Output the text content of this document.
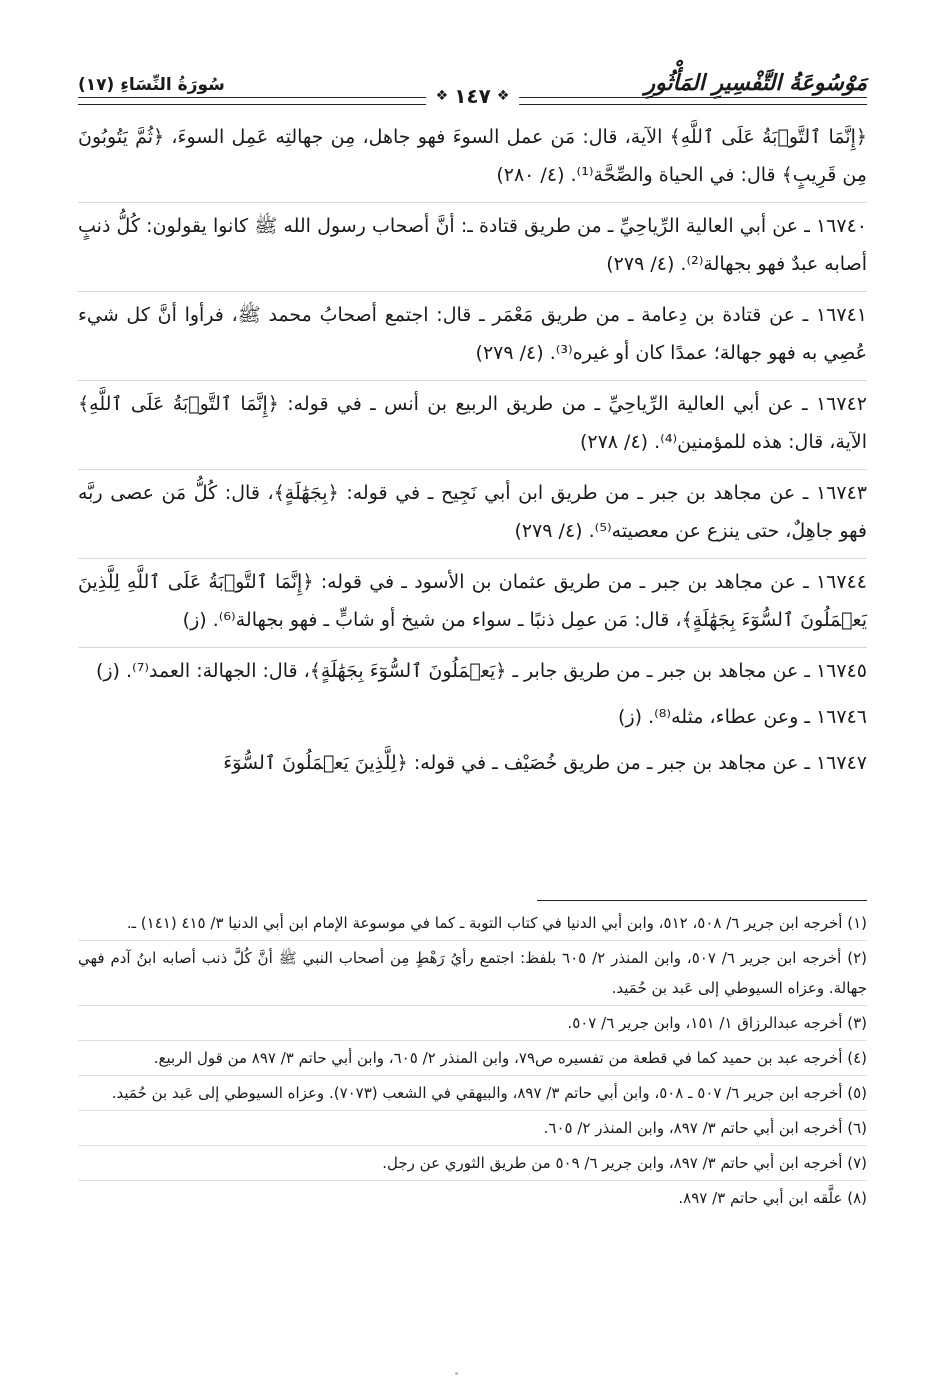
مَوْسُوعَةُ التَّفْسِيرِ المَأْثُورِ
سُورَةُ النِّسَاءِ (١٧)
❖
١٤٧
❖

﴿إِنَّمَا ٱلتَّوۡبَةُ عَلَى ٱللَّهِ﴾ الآية، قال: مَن عمل السوءَ فهو جاهل، مِن جهالتِه عَمِل السوءَ، ﴿ثُمَّ يَتُوبُونَ مِن قَرِيبٍ﴾ قال: في الحياة والصِّحَّة⁽¹⁾. (٤/ ٢٨٠)

١٦٧٤٠ ـ عن أبي العالية الرِّياحِيِّ ـ من طريق قتادة ـ: أنَّ أصحاب رسول الله ﷺ كانوا يقولون: كُلُّ ذنبٍ أصابه عبدٌ فهو بجهالة⁽²⁾. (٤/ ٢٧٩)

١٦٧٤١ ـ عن قتادة بن دِعامة ـ من طريق مَعْمَر ـ قال: اجتمع أصحابُ محمد ﷺ، فرأوا أنَّ كل شيء عُصِي به فهو جهالة؛ عمدًا كان أو غيره⁽³⁾. (٤/ ٢٧٩)

١٦٧٤٢ ـ عن أبي العالية الرِّياحِيِّ ـ من طريق الربيع بن أنس ـ في قوله: ﴿إِنَّمَا ٱلتَّوۡبَةُ عَلَى ٱللَّهِ﴾ الآية، قال: هذه للمؤمنين⁽⁴⁾. (٤/ ٢٧٨)

١٦٧٤٣ ـ عن مجاهد بن جبر ـ من طريق ابن أبي نَجِيح ـ في قوله: ﴿بِجَهَٰلَةٍ﴾، قال: كُلُّ مَن عصى ربَّه فهو جاهِلٌ، حتى ينزع عن معصيته⁽⁵⁾. (٤/ ٢٧٩)

١٦٧٤٤ ـ عن مجاهد بن جبر ـ من طريق عثمان بن الأسود ـ في قوله: ﴿إِنَّمَا ٱلتَّوۡبَةُ عَلَى ٱللَّهِ لِلَّذِينَ يَعۡمَلُونَ ٱلسُّوٓءَ بِجَهَٰلَةٍ﴾، قال: مَن عمِل ذنبًا ـ سواء من شيخ أو شابٍّ ـ فهو بجهالة⁽⁶⁾. (ز)

١٦٧٤٥ ـ عن مجاهد بن جبر ـ من طريق جابر ـ ﴿يَعۡمَلُونَ ٱلسُّوٓءَ بِجَهَٰلَةٍ﴾، قال: الجهالة: العمد⁽⁷⁾. (ز)

١٦٧٤٦ ـ وعن عطاء، مثله⁽⁸⁾. (ز)

١٦٧٤٧ ـ عن مجاهد بن جبر ـ من طريق خُصَيْف ـ في قوله: ﴿لِلَّذِينَ يَعۡمَلُونَ ٱلسُّوٓءَ

(١) أخرجه ابن جرير ٦/ ٥٠٨، ٥١٢، وابن أبي الدنيا في كتاب التوبة ـ كما في موسوعة الإمام ابن أبي الدنيا ٣/ ٤١٥ (١٤١) ـ.

(٢) أخرجه ابن جرير ٦/ ٥٠٧، وابن المنذر ٢/ ٦٠٥ بلفظ: اجتمع رأيُ رَهْطٍ مِن أصحاب النبي ﷺ أنَّ كُلَّ ذنب أصابه ابنُ آدم فهي جهالة. وعزاه السيوطي إلى عَبد بن حُمَيد.

(٣) أخرجه عبدالرزاق ١/ ١٥١، وابن جرير ٦/ ٥٠٧.

(٤) أخرجه عبد بن حميد كما في قطعة من تفسيره ص٧٩، وابن المنذر ٢/ ٦٠٥، وابن أبي حاتم ٣/ ٨٩٧ من قول الربيع.

(٥) أخرجه ابن جرير ٦/ ٥٠٧ ـ ٥٠٨، وابن أبي حاتم ٣/ ٨٩٧، والبيهقي في الشعب (٧٠٧٣). وعزاه السيوطي إلى عَبد بن حُمَيد.

(٦) أخرجه ابن أبي حاتم ٣/ ٨٩٧، وابن المنذر ٢/ ٦٠٥.

(٧) أخرجه ابن أبي حاتم ٣/ ٨٩٧، وابن جرير ٦/ ٥٠٩ من طريق الثوري عن رجل.

(٨) علَّقه ابن أبي حاتم ٣/ ٨٩٧.
